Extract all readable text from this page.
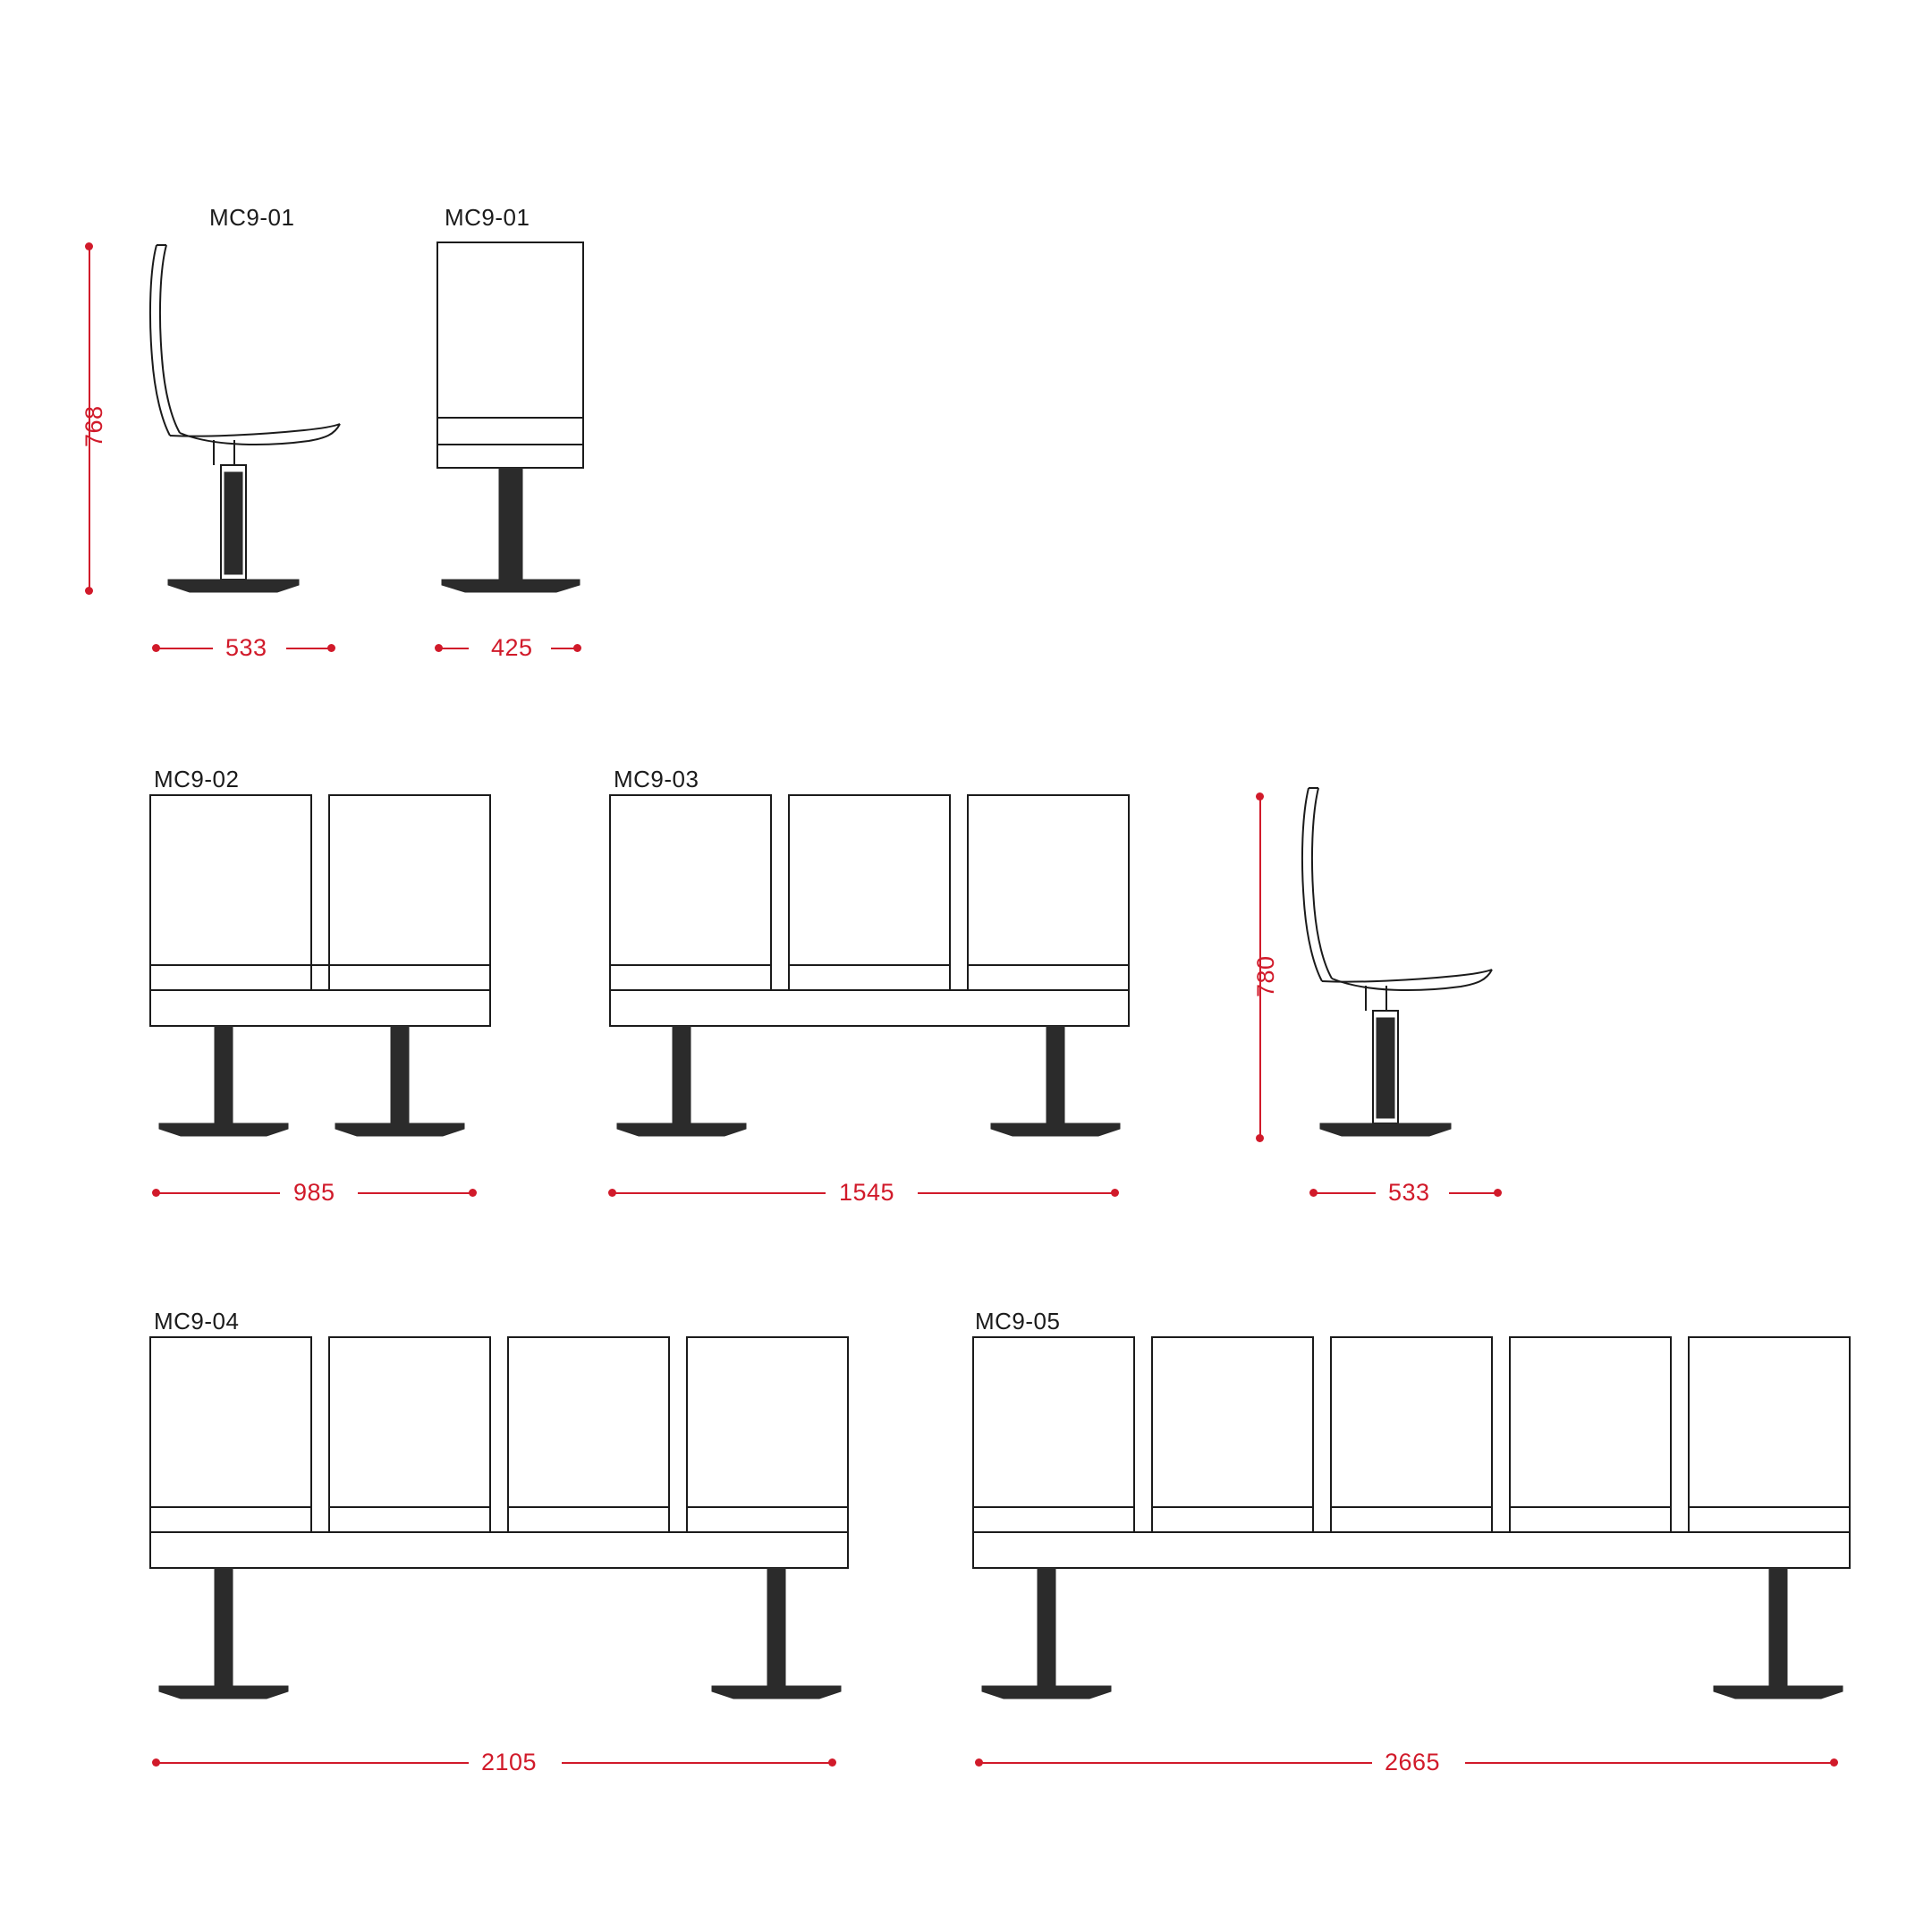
MC9-01	MC9-01
768
533	425
MC9-02	MC9-03
985	1545
780
533
MC9-04	MC9-05
2105	2665
